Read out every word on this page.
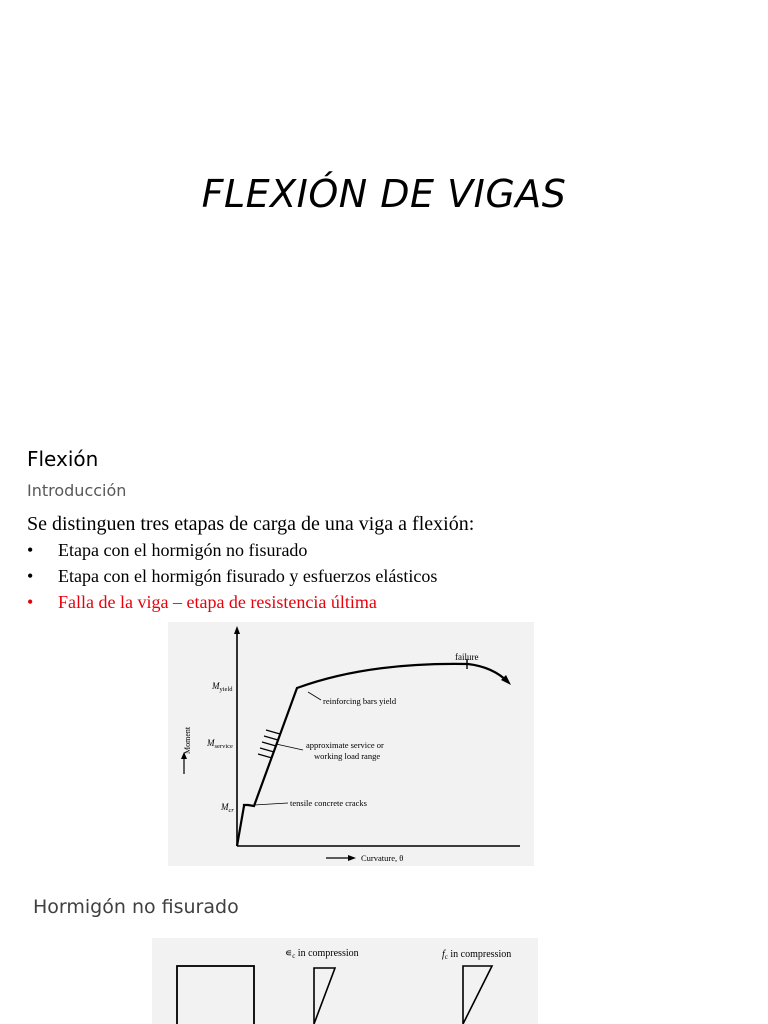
FLEXIÓN DE VIGAS
Flexión
Introducción
Se distinguen tres etapas de carga de una viga a flexión:
• Etapa con el hormigón no fisurado
• Etapa con el hormigón fisurado y esfuerzos elásticos
• Falla de la viga – etapa de resistencia última
failure
reinforcing bars yield
approximate service or
working load range
tensile concrete cracks
$M_{yield}$
$M_{service}$
$M_{cr}$
Moment
Curvature, θ
Hormigón no fisurado
$∊_c$ in compression	$f_c$ in compression
